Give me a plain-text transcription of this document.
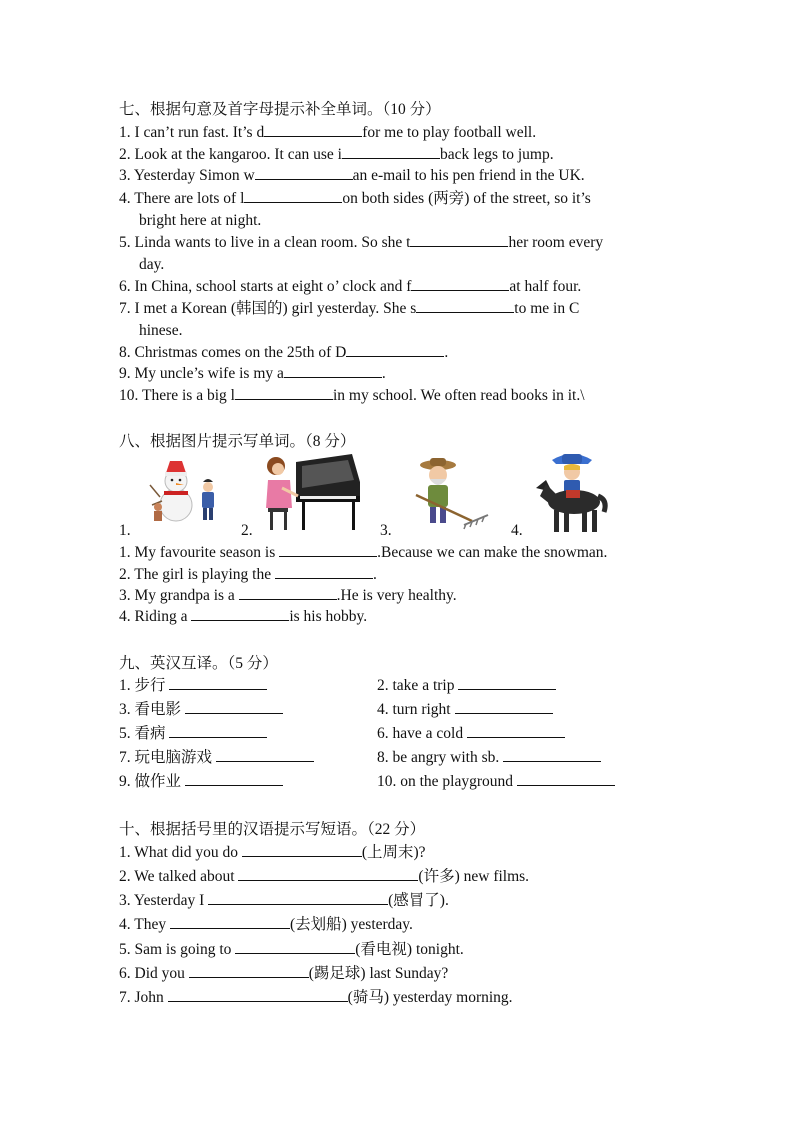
七、根据句意及首字母提示补全单词。（10 分）
1. I can’t run fast. It’s d	for me to play football well.
2. Look at the kangaroo. It can use i	back legs to jump.
3. Yesterday Simon w	an e-mail to his pen friend in the UK.
4. There are lots of l	on both sides (两旁) of the street, so it’s
bright here at night.
5. Linda wants to live in a clean room. So she t	her room every
day.
6. In China, school starts at eight o’ clock and f	at half four.
7. I met a Korean (韩国的) girl yesterday. She s	to me in C
hinese.
8. Christmas comes on the 25th of D	.
9. My uncle’s wife is my a	.
10. There is a big l	in my school. We often read books in it.\
八、根据图片提示写单词。（8 分）
1.	2.	3.	4.
1. My favourite season is	.Because we can make the snowman.
2. The girl is playing the	.
3. My grandpa is a	.He is very healthy.
4. Riding a	is his hobby.
九、英汉互译。（5 分）
1. 步行	2. take a trip
3. 看电影	4. turn right
5. 看病	6. have a cold
7. 玩电脑游戏	8. be angry with sb.
9. 做作业	10. on the playground
十、根据括号里的汉语提示写短语。（22 分）
1. What did you do	(上周末)?
2. We talked about	(许多) new films.
3. Yesterday I	(感冒了).
4. They	(去划船) yesterday.
5. Sam is going to	(看电视) tonight.
6. Did you	(踢足球) last Sunday?
7. John	(骑马) yesterday morning.
